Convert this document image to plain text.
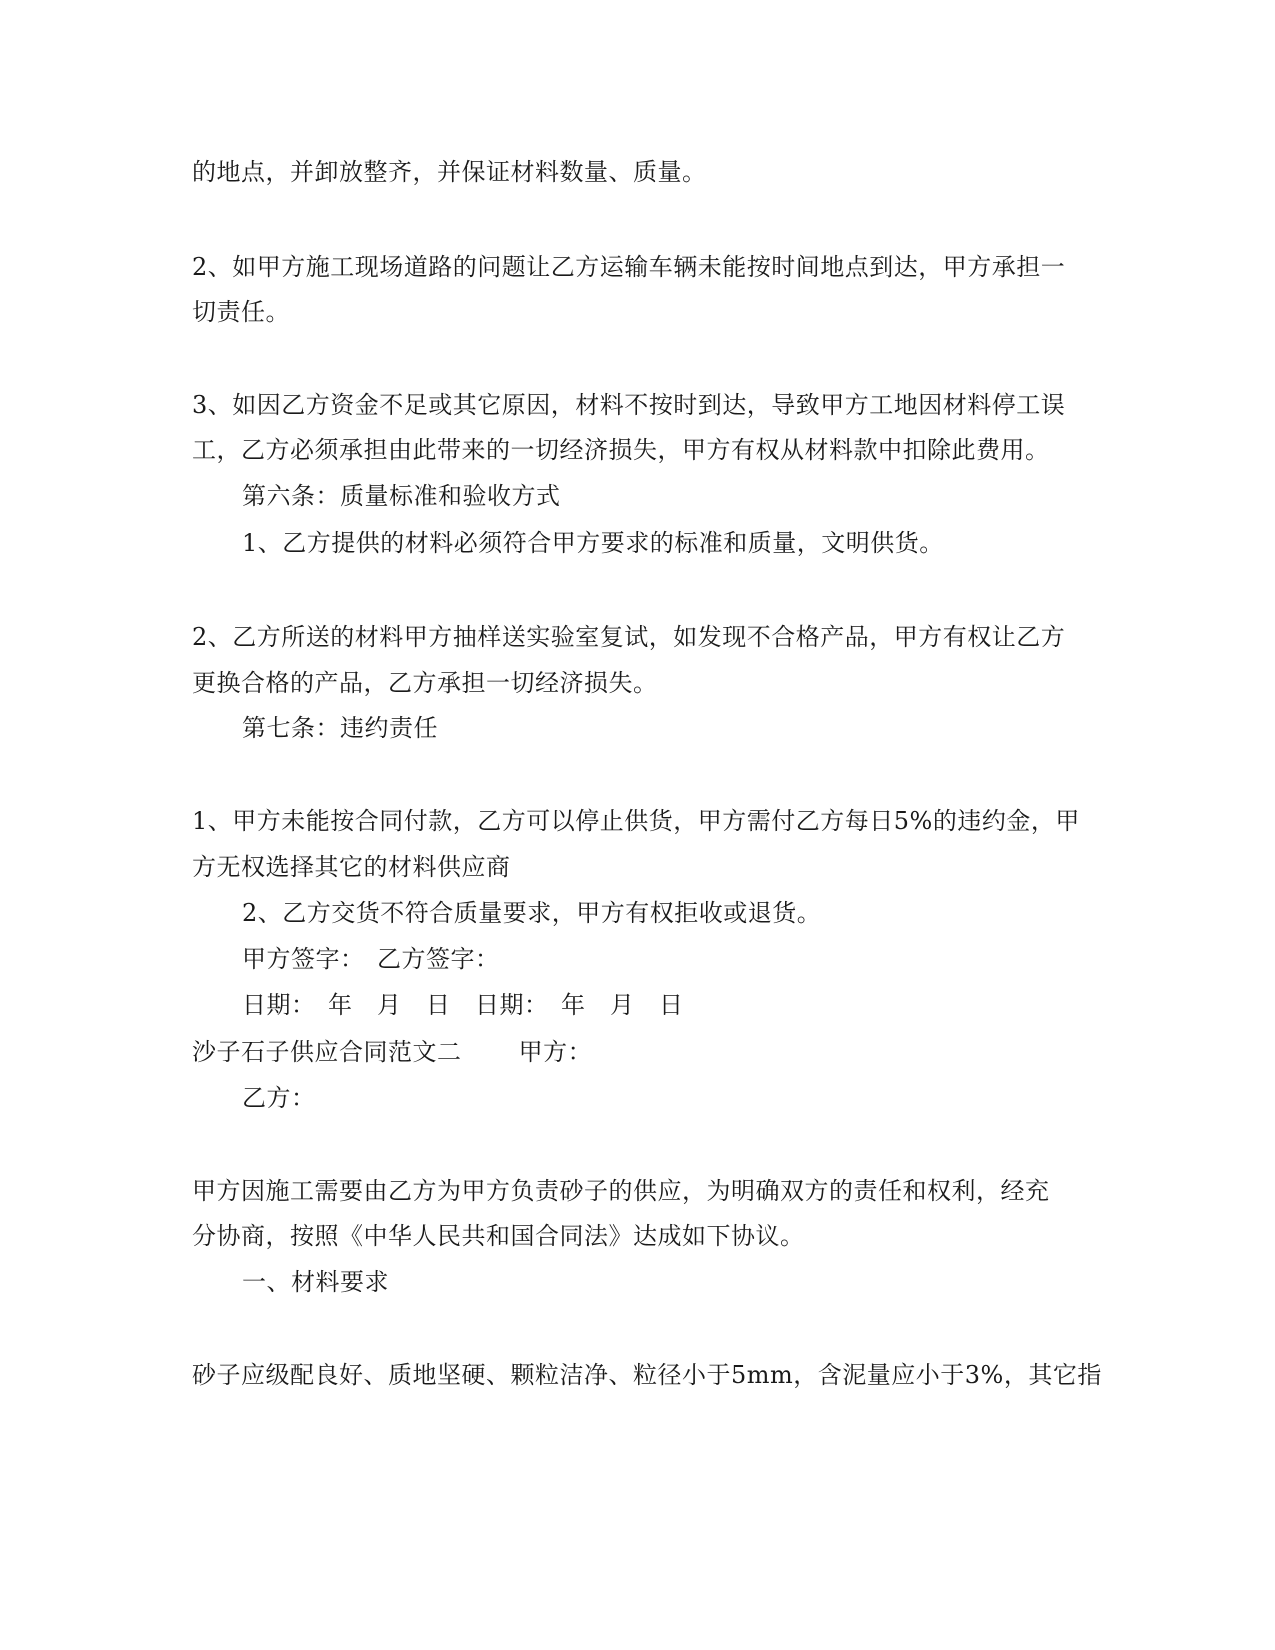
的地点，并卸放整齐，并保证材料数量、质量。
2、如甲方施工现场道路的问题让乙方运输车辆未能按时间地点到达，甲方承担一
切责任。
3、如因乙方资金不足或其它原因，材料不按时到达，导致甲方工地因材料停工误
工，乙方必须承担由此带来的一切经济损失，甲方有权从材料款中扣除此费用。
第六条：质量标准和验收方式
1、乙方提供的材料必须符合甲方要求的标准和质量，文明供货。
2、乙方所送的材料甲方抽样送实验室复试，如发现不合格产品，甲方有权让乙方
更换合格的产品，乙方承担一切经济损失。
第七条：违约责任
1、甲方未能按合同付款，乙方可以停止供货，甲方需付乙方每日5%的违约金，甲
方无权选择其它的材料供应商
2、乙方交货不符合质量要求，甲方有权拒收或退货。
甲方签字：　乙方签字：
日期：　年　月　日　日期：　年　月　日
沙子石子供应合同范文二　　 甲方：
乙方：
甲方因施工需要由乙方为甲方负责砂子的供应，为明确双方的责任和权利，经充
分协商，按照《中华人民共和国合同法》达成如下协议。
一、材料要求
砂子应级配良好、质地坚硬、颗粒洁净、粒径小于5mm，含泥量应小于3%，其它指
